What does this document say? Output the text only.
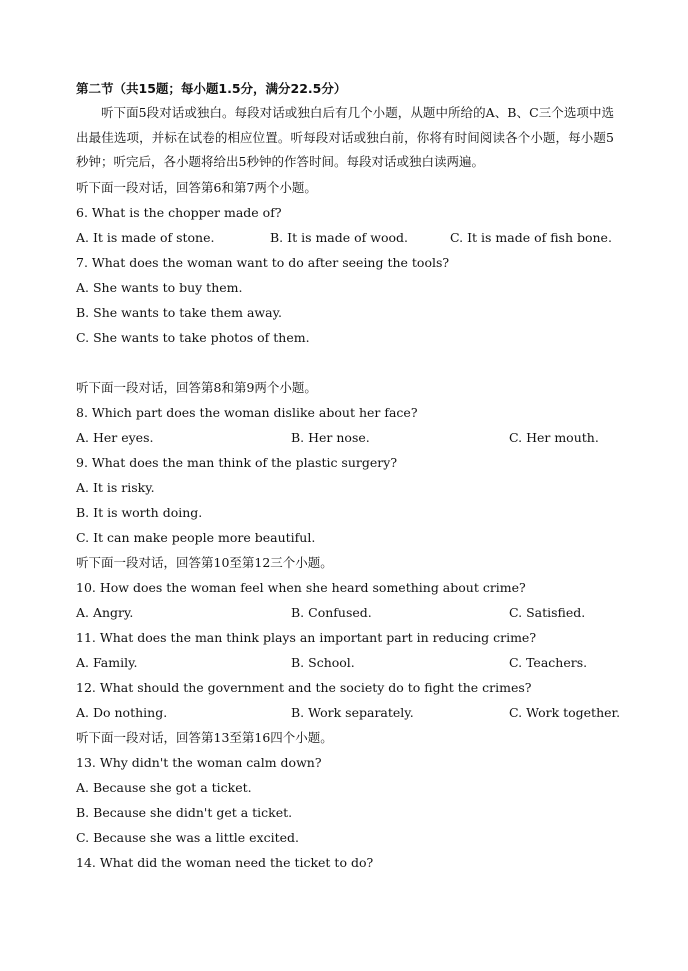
第二节（共15题；每小题1.5分，满分22.5分）
听下面5段对话或独白。每段对话或独白后有几个小题，从题中所给的A、B、C三个选项中选出最佳选项，并标在试卷的相应位置。听每段对话或独白前，你将有时间阅读各个小题，每小题5秒钟；听完后，各小题将给出5秒钟的作答时间。每段对话或独白读两遍。
听下面一段对话，回答第6和第7两个小题。
6. What is the chopper made of?
A. It is made of stone.	B. It is made of wood.	C. It is made of fish bone.
7. What does the woman want to do after seeing the tools?
A. She wants to buy them.
B. She wants to take them away.
C. She wants to take photos of them.
听下面一段对话，回答第8和第9两个小题。
8. Which part does the woman dislike about her face?
A. Her eyes.	B. Her nose.	C. Her mouth.
9. What does the man think of the plastic surgery?
A. It is risky.
B. It is worth doing.
C. It can make people more beautiful.
听下面一段对话，回答第10至第12三个小题。
10. How does the woman feel when she heard something about crime?
A. Angry.	B. Confused.	C. Satisfied.
11. What does the man think plays an important part in reducing crime?
A. Family.	B. School.	C. Teachers.
12. What should the government and the society do to fight the crimes?
A. Do nothing.	B. Work separately.	C. Work together.
听下面一段对话，回答第13至第16四个小题。
13. Why didn't the woman calm down?
A. Because she got a ticket.
B. Because she didn't get a ticket.
C. Because she was a little excited.
14. What did the woman need the ticket to do?
